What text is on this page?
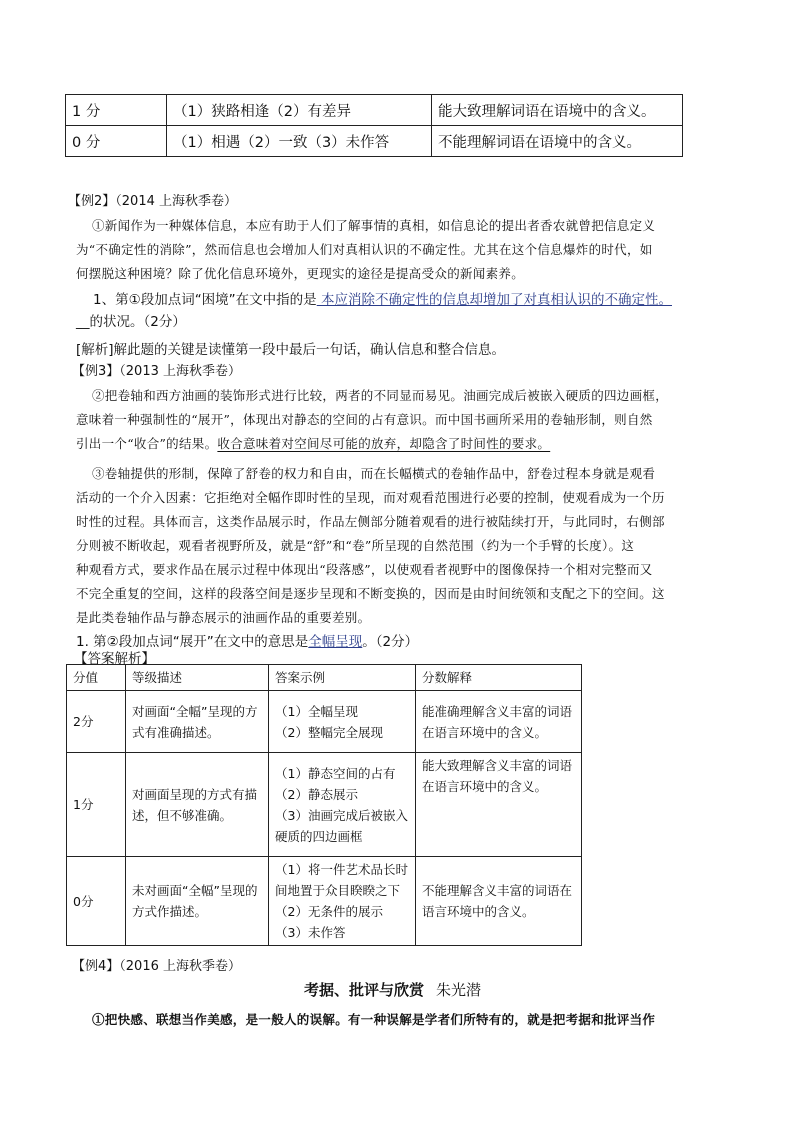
1 分	（1）狭路相逢（2）有差异	能大致理解词语在语境中的含义。
0 分	（1）相遇（2）一致（3）未作答	不能理解词语在语境中的含义。
【例2】（2014 上海秋季卷）
①新闻作为一种媒体信息，本应有助于人们了解事情的真相，如信息论的提出者香农就曾把信息定义
为“不确定性的消除”，然而信息也会增加人们对真相认识的不确定性。尤其在这个信息爆炸的时代，如
何摆脱这种困境？除了优化信息环境外，更现实的途径是提高受众的新闻素养。
1、第①段加点词“困境”在文中指的是 本应消除不确定性的信息却增加了对真相认识的不确定性。
__的状况。（2分）
[解析]解此题的关键是读懂第一段中最后一句话，确认信息和整合信息。
【例3】（2013 上海秋季卷）
②把卷轴和西方油画的装饰形式进行比较，两者的不同显而易见。油画完成后被嵌入硬质的四边画框，
意味着一种强制性的“展开”，体现出对静态的空间的占有意识。而中国书画所采用的卷轴形制，则自然
引出一个“收合”的结果。收合意味着对空间尽可能的放弃，却隐含了时间性的要求。
③卷轴提供的形制，保障了舒卷的权力和自由，而在长幅横式的卷轴作品中，舒卷过程本身就是观看
活动的一个介入因素：它拒绝对全幅作即时性的呈现，而对观看范围进行必要的控制，使观看成为一个历
时性的过程。具体而言，这类作品展示时，作品左侧部分随着观看的进行被陆续打开，与此同时，右侧部
分则被不断收起，观看者视野所及，就是“舒”和“卷”所呈现的自然范围（约为一个手臂的长度）。这
种观看方式，要求作品在展示过程中体现出“段落感”，以使观看者视野中的图像保持一个相对完整而又
不完全重复的空间，这样的段落空间是逐步呈现和不断变换的，因而是由时间统领和支配之下的空间。这
是此类卷轴作品与静态展示的油画作品的重要差别。
1. 第②段加点词“展开”在文中的意思是全幅呈现。（2分）
【答案解析】
分值	等级描述	答案示例	分数解释
2分	对画面“全幅”呈现的方式有准确描述。	（1）全幅呈现
（2）整幅完全展现	能准确理解含义丰富的词语在语言环境中的含义。
1分	对画面呈现的方式有描述，但不够准确。	（1）静态空间的占有
（2）静态展示
（3）油画完成后被嵌入硬质的四边画框	能大致理解含义丰富的词语在语言环境中的含义。
0分	未对画面“全幅”呈现的方式作描述。	（1）将一件艺术品长时间地置于众目睽睽之下
（2）无条件的展示
（3）未作答	不能理解含义丰富的词语在语言环境中的含义。
【例4】（2016 上海秋季卷）
考据、批评与欣赏 朱光潜
①把快感、联想当作美感，是一般人的误解。有一种误解是学者们所特有的，就是把考据和批评当作
